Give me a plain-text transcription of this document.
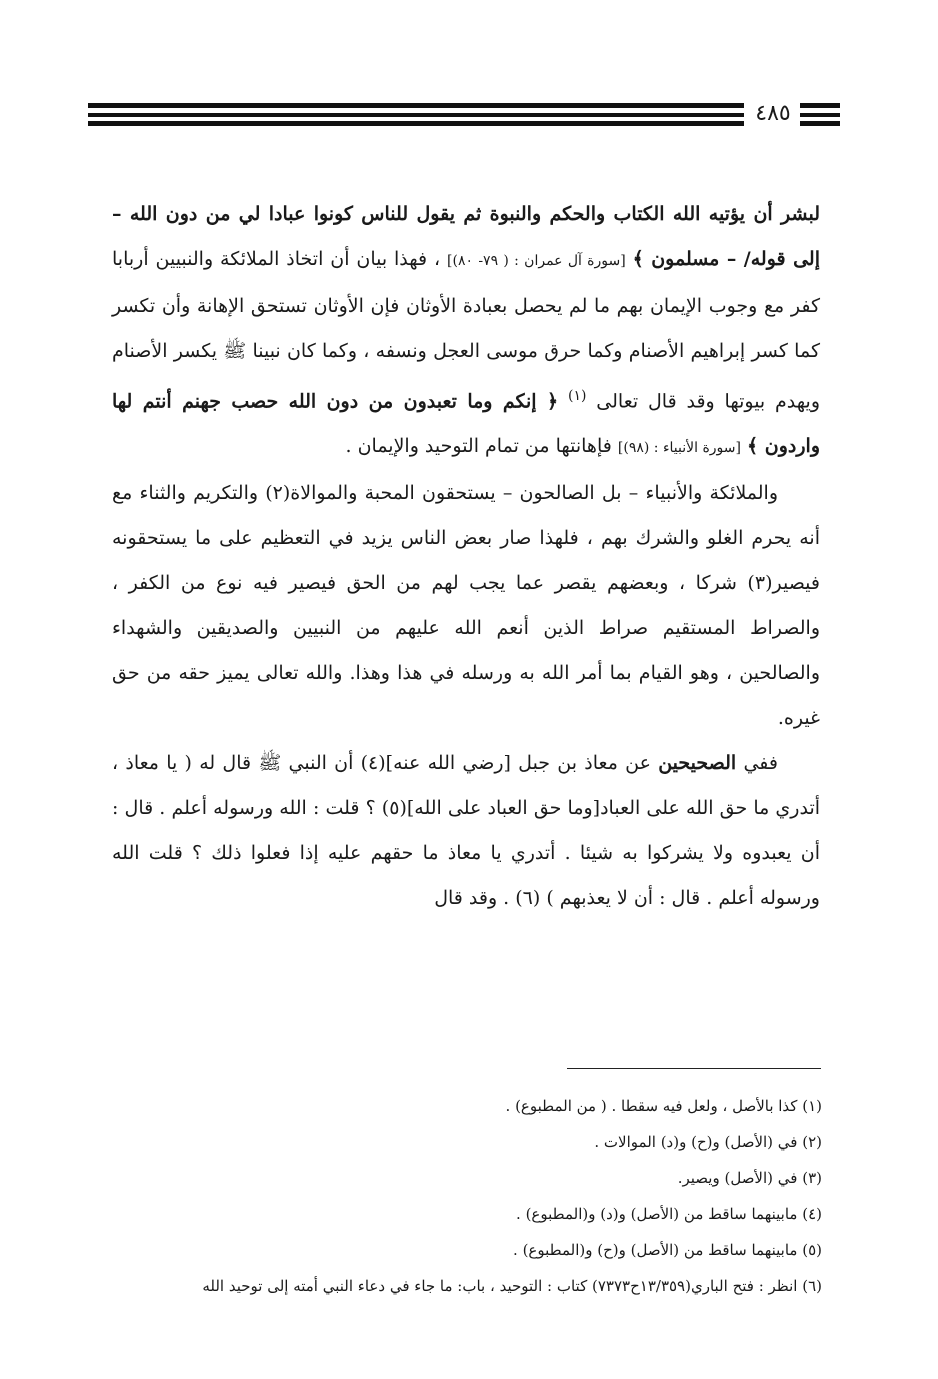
٤٨٥

لبشر أن يؤتيه الله الكتاب والحكم والنبوة ثم يقول للناس كونوا عبادا لي من دون الله – إلى قوله/ – مسلمون ﴾ [سورة آل عمران : ( ٧٩- ٨٠)] ، فهذا بيان أن اتخاذ الملائكة والنبيين أربابا كفر مع وجوب الإيمان بهم ما لم يحصل بعبادة الأوثان فإن الأوثان تستحق الإهانة وأن تكسر كما كسر إبراهيم الأصنام وكما حرق موسى العجل ونسفه ، وكما كان نبينا ﷺ يكسر الأصنام ويهدم بيوتها وقد قال تعالى $^{(١)}$ ﴿ إنكم وما تعبدون من دون الله حصب جهنم أنتم لها واردون ﴾ [سورة الأنبياء : (٩٨)] فإهانتها من تمام التوحيد والإيمان .

والملائكة والأنبياء – بل الصالحون – يستحقون المحبة والموالاة(٢) والتكريم والثناء مع أنه يحرم الغلو والشرك بهم ، فلهذا صار بعض الناس يزيد في التعظيم على ما يستحقونه فيصير(٣) شركا ، وبعضهم يقصر عما يجب لهم من الحق فيصير فيه نوع من الكفر ، والصراط المستقيم صراط الذين أنعم الله عليهم من النبيين والصديقين والشهداء والصالحين ، وهو القيام بما أمر الله به ورسله في هذا وهذا. والله تعالى يميز حقه من حق غيره.

ففي الصحيحين عن معاذ بن جبل [رضي الله عنه](٤) أن النبي ﷺ قال له ( يا معاذ ، أتدري ما حق الله على العباد[وما حق العباد على الله](٥) ؟ قلت : الله ورسوله أعلم . قال : أن يعبدوه ولا يشركوا به شيئا . أتدري يا معاذ ما حقهم عليه إذا فعلوا ذلك ؟ قلت الله ورسوله أعلم . قال : أن لا يعذبهم ) (٦) . وقد قال

(١) كذا بالأصل ، ولعل فيه سقطا . ( من المطبوع) .
(٢) في (الأصل) و(ح) و(د) الموالات .
(٣) في (الأصل) ويصير.
(٤) مابينهما ساقط من (الأصل) و(د) و(المطبوع) .
(٥) مابينهما ساقط من (الأصل) و(ح) و(المطبوع) .
(٦) انظر : فتح الباري(١٣/٣٥٩ح٧٣٧٣) كتاب : التوحيد ، باب: ما جاء في دعاء النبي أمته إلى توحيد الله
